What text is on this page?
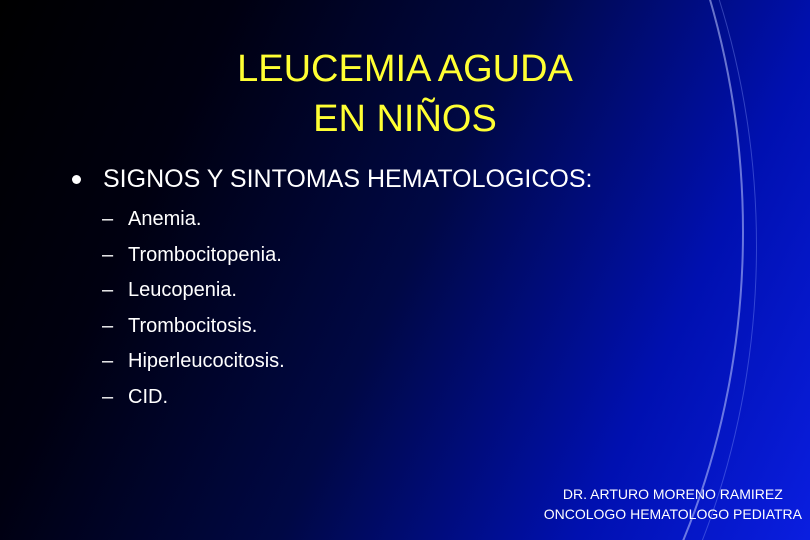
LEUCEMIA AGUDA
EN NIÑOS
SIGNOS Y SINTOMAS HEMATOLOGICOS:
– Anemia.
– Trombocitopenia.
– Leucopenia.
– Trombocitosis.
– Hiperleucocitosis.
– CID.
DR. ARTURO MORENO RAMIREZ
ONCOLOGO HEMATOLOGO PEDIATRA
